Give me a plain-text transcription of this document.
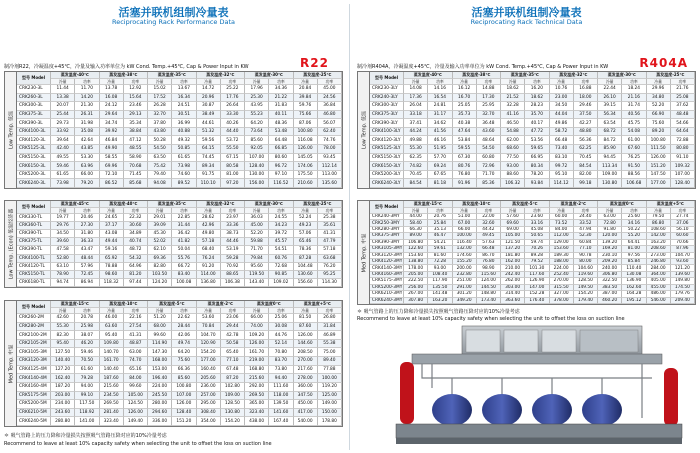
活塞并联机组制冷量表
Reciprocating Rack Performance Data
制冷剂R22，冷凝温度+45℃，冷量及输入功率单位为 kW Cond. Temp.+45℃, Cap & Power Input in KW	R22
Low Temp. 低温
型号 Model
蒸发温度-40℃	蒸发温度-38℃	蒸发温度-35℃	蒸发温度-32℃	蒸发温度-30℃	蒸发温度-25℃
冷量	功率	冷量	功率	冷量	功率	冷量	功率	冷量	功率	冷量	功率
CRK230-3L	11.44	11.70	13.78	12.92	15.02	13.67	14.72	25.22	17.96	34.36	20.84	45.00
CRK260-3L	13.38	14.20	16.08	15.64	17.52	16.34	20.96	17.76	25.30	21.22	39.84	24.56
CRK300-3L	20.07	21.30	24.12	23.46	26.28	24.51	30.87	26.64	43.95	31.83	59.76	36.84
CRK375-3L	25.44	26.31	29.64	29.13	32.70	30.51	38.49	33.30	55.23	40.11	75.66	46.80
CRK390-3L	29.73	31.98	34.74	35.34	37.80	36.99	44.61	40.26	64.20	48.36	87.06	56.07
CRK4100-3L	33.92	35.08	39.92	38.84	43.80	40.88	51.32	44.40	73.64	53.48	100.80	62.40
CRK4120-3L	39.64	42.64	46.84	47.12	50.28	49.32	59.56	53.72	85.60	64.48	116.08	74.76
CRK5125-3L	42.40	43.85	49.90	48.55	54.50	50.85	64.15	55.50	92.05	66.85	126.00	78.00
CRK5150-3L	49.55	53.30	58.55	58.90	63.50	61.65	74.45	67.15	107.00	80.60	145.05	93.45
CRK6150-3L	59.46	63.96	69.96	70.68	75.42	73.98	89.34	80.58	128.40	96.72	174.06	112.14
CRK5200-3L	61.65	66.00	72.10	71.45	79.40	74.60	91.75	81.00	130.00	97.10	175.50	113.00
CRK6240-3L	73.98	79.20	86.52	85.68	94.08	89.52	110.10	97.20	156.00	116.52	210.60	135.60
Low Temp. (Econ) 低温经济器
型号 Model
蒸发温度-45℃	蒸发温度-40℃	蒸发温度-35℃	蒸发温度-32℃	蒸发温度-30℃	蒸发温度-25℃
冷量	功率	冷量	功率	冷量	功率	冷量	功率	冷量	功率	冷量	功率
CRK330-TL	19.77	20.46	24.65	22.32	29.01	22.85	28.62	23.97	36.03	24.55	52.24	25.38
CRK360-TL	29.76	27.30	37.17	30.60	39.09	31.44	42.96	33.36	45.00	34.23	49.23	35.61
CRK390-TL	34.50	31.80	43.08	34.89	45.30	36.42	49.80	38.73	52.20	39.72	57.06	41.31
CRK375-TL	39.60	36.33	49.44	40.74	52.02	41.82	57.18	44.46	59.88	45.57	65.46	47.79
CRK390-TL	47.58	43.47	59.16	48.72	62.10	50.04	68.40	53.19	71.70	54.51	78.36	57.18
CRK4100-TL	52.80	48.44	65.92	54.32	69.36	55.76	76.24	59.28	79.84	60.76	87.28	63.68
CRK4120-TL	63.10	57.96	78.88	64.96	82.80	66.72	91.20	70.92	95.60	72.68	104.48	76.20
CRK5150-TL	78.90	72.45	98.60	81.20	103.50	83.40	114.00	88.65	119.50	90.85	130.60	95.25
CRK6180-TL	94.74	86.94	118.32	97.44	124.20	100.08	136.80	106.38	143.40	109.02	156.60	114.30
Med Temp. 中温
型号 Model
蒸发温度-15℃	蒸发温度-10℃	蒸发温度-5℃	蒸发温度-2℃	蒸发温度0℃	蒸发温度+5℃
冷量	功率	冷量	功率	冷量	功率	冷量	功率	冷量	功率	冷量	功率
CRK260-2M	42.60	20.78	46.00	22.16	51.20	22.62	53.60	23.06	66.00	25.06	81.50	26.80
CRK280-2M	55.30	25.98	63.60	27.54	68.00	28.44	70.84	29.44	74.00	30.08	87.60	31.84
CRK2100-2M	82.30	38.07	95.40	41.31	99.60	42.06	104.70	42.78	109.20	44.76	126.00	46.89
CRK2105-2M	95.40	46.20	109.80	48.87	114.90	49.74	120.90	50.58	126.00	52.14	144.60	55.38
CRK3105-3M	127.50	59.46	140.70	63.00	147.30	64.20	154.20	65.40	161.70	70.80	208.50	75.00
CRK3120-3M	140.40	70.50	161.70	74.70	168.00	75.60	177.00	77.10	219.00	83.70	270.00	89.40
CRK4125-4M	127.20	61.60	140.40	65.16	153.00	66.36	160.40	67.48	168.80	73.80	217.60	77.88
CRK4140-4M	162.40	79.28	187.60	84.00	196.40	85.60	205.60	87.20	215.60	94.40	278.00	100.00
CRK4160-4M	187.20	94.00	215.60	99.60	224.00	100.80	236.00	102.80	292.00	111.60	360.00	119.20
CRK5175-5M	203.00	99.10	234.50	105.00	245.50	107.00	257.00	109.00	269.50	118.00	347.50	125.00
CRK5200-5M	234.00	117.50	269.50	124.50	280.00	126.00	295.00	128.50	365.00	139.50	450.00	149.00
CRK6210-5M	243.60	118.92	281.40	126.00	294.60	128.40	308.40	130.80	323.40	141.60	417.00	150.00
CRK6240-5M	280.80	141.00	323.40	149.40	336.00	151.20	354.00	154.20	438.00	167.40	540.00	178.80
＊ 吸气管路上的压力降和冷量损失按照吸气管路压降对应的10%冷量考虑
Recommend to leave at least 10% capacity safety when selecting the unit to offset the loss on suction line
活塞并联机组制冷量表
Reciprocating Rack Technical Data
制冷剂R404A，冷凝温度+45℃，冷量及输入功率单位为 kW Cond. Temp.+45℃, Cap & Power Input in KW	R404A
Low Temp. 低温
型号 Model
蒸发温度-40℃	蒸发温度-38℃	蒸发温度-35℃	蒸发温度-32℃	蒸发温度-30℃	蒸发温度-25℃
冷量	功率	冷量	功率	冷量	功率	冷量	功率	冷量	功率	冷量	功率
CRK230-3LY	14.08	14.16	16.12	14.88	18.62	16.20	10.76	16.88	22.44	18.24	29.96	21.76
CRK240-3LY	17.36	16.54	16.70	17.30	21.52	18.62	23.00	18.00	26.10	21.16	34.80	25.08
CRK300-3LY	26.04	24.81	25.05	25.95	32.28	28.23	34.50	29.46	39.15	31.74	52.20	37.62
CRK375-3LY	33.18	31.17	35.73	32.70	41.16	35.70	44.04	37.50	56.34	40.56	66.90	48.48
CRK390-3LY	37.41	34.62	40.38	36.48	46.50	40.17	49.86	42.27	63.54	45.75	75.60	54.66
CRK4100-3LY	44.24	41.56	47.64	43.60	54.88	47.72	58.72	48.80	68.72	54.08	89.20	64.64
CRK4120-3LY	49.88	46.16	53.84	48.64	62.00	53.56	66.48	56.36	84.72	61.00	100.80	72.88
CRK5125-3LY	55.30	51.95	59.55	54.50	68.60	59.65	73.40	62.25	85.90	67.60	111.50	80.80
CRK5150-3LY	62.35	57.70	67.30	60.80	77.50	66.95	83.10	70.45	94.45	76.25	126.00	91.10
CRK6150-3LY	74.82	69.24	80.76	72.96	93.00	80.34	99.72	84.54	113.34	91.50	151.20	109.32
CRK5200-3LY	70.45	67.65	76.80	71.70	88.60	78.20	95.10	82.00	109.00	88.56	147.50	107.00
CRK6240-3LY	84.54	81.18	91.96	85.36	106.32	93.84	114.12	99.18	130.80	106.68	177.00	128.40
Med Temp. 中温
型号 Model
蒸发温度-15℃	蒸发温度-10℃	蒸发温度-5℃	蒸发温度-2℃	蒸发温度0℃	蒸发温度+5℃
冷量	功率	冷量	功率	冷量	功率	冷量	功率	冷量	功率	冷量	功率
CRK240-3MY	44.00	20.76	51.00	22.00	57.60	23.60	60.00	24.40	63.00	25.60	79.50	27.74
CRK250-3MY	58.40	25.84	67.00	32.60	69.60	33.16	73.52	33.52	72.80	34.16	86.80	37.06
CRK280-3MY	66.30	35.13	66.00	44.42	69.00	45.08	84.00	47.94	91.80	50.22	108.60	56.10
CRK375-3MY	89.00	46.47	100.00	49.45	105.00	50.65	112.00	52.30	120.00	55.20	142.00	60.60
CRK390-3MY	106.80	54.21	116.40	57.63	121.50	59.74	129.00	60.84	139.20	64.41	163.20	70.66
CRK3105-3MY	122.60	59.61	132.00	66.48	137.20	70.26	153.60	77.10	169.20	81.00	208.60	87.96
CRK3120-3MY	153.60	81.60	174.60	86.70	181.80	89.28	189.30	90.78	230.10	97.56	273.00	104.70
CRK4120-3MY	138.80	72.28	155.20	76.80	162.00	79.52	188.00	80.00	209.20	85.84	246.80	93.60
CRK4140-3MY	178.00	93.00	200.00	98.90	210.00	101.30	224.00	104.60	240.00	110.40	284.00	121.20
CRK4160-3MY	205.00	108.40	232.80	115.60	242.40	117.60	252.40	119.60	306.80	130.08	364.00	139.60
CRK5175-3MY	222.50	117.90	251.00	124.00	262.00	126.90	270.00	128.50	322.50	136.90	405.00	149.80
CRK5200-3MY	256.00	135.50	291.00	144.50	303.00	147.00	315.50	149.50	383.50	162.60	455.00	174.50
CRK6210-3MY	267.00	141.48	301.20	148.80	314.40	152.28	327.00	154.20	387.00	164.28	486.00	179.76
CRK6240-3MY	307.80	163.20	349.20	173.40	363.60	176.40	378.00	179.40	460.20	195.12	546.00	209.40
＊ 吸气管路上的压力降和冷量损失按照吸气管路压降对应的10%冷量考虑
Recommend to leave at least 10% capacity safety when selecting the unit to offset the loss on suction line
